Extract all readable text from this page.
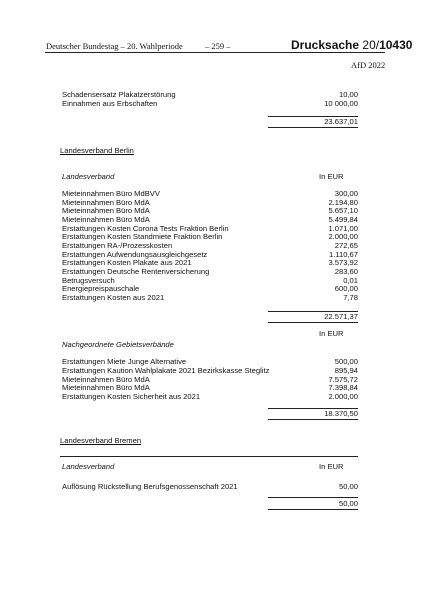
Deutscher Bundestag – 20. Wahlperiode	– 259 –	Drucksache 20/10430
AfD 2022
Schadensersatz Plakatzerstörung	10,00
Einnahmen aus Erbschaften	10 000,00
23.637,01
Landesverband Berlin
Landesverband	In EUR
Mieteinnahmen Büro MdBVV	300,00
Mieteinnahmen Büro MdA	2.194,80
Mieteinnahmen Büro MdA	5.657,10
Mieteinnahmen Büro MdA	5.499,84
Erstattungen Kosten Corona Tests Fraktion Berlin	1.071,00
Erstattungen Kosten Standmiete Fraktion Berlin	2.000,00
Erstattungen RA-/Prozesskosten	272,65
Erstattungen Aufwendungsausgleichgesetz	1.110,67
Erstattungen Kosten Plakate aus 2021	3.573,92
Erstattungen Deutsche Rentenversicherung	283,60
Betrugsversuch	0,01
Energiepreispauschale	600,00
Erstattungen Kosten aus 2021	7,78
22.571,37
In EUR
Nachgeordnete Gebietsverbände
Erstattungen Miete Junge Alternative	500,00
Erstattungen Kaution Wahlplakate 2021 Bezirkskasse Steglitz	895,94
Mieteinnahmen Büro MdA	7.575,72
Mieteinnahmen Büro MdA	7.398,84
Erstattungen Kosten Sicherheit aus 2021	2.000,00
18.370,50
Landesverband Bremen
Landesverband	In EUR
Auflösung Rückstellung Berufsgenossenschaft 2021	50,00
50,00
